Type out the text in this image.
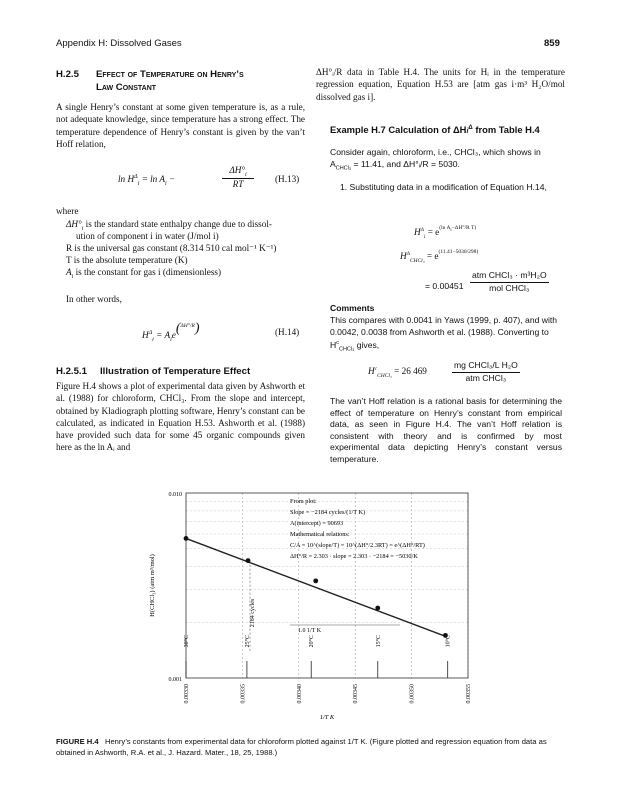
Appendix H: Dissolved Gases	859
H.2.5 Effect of Temperature on Henry’s
Law Constant
A single Henry’s constant at some given temperature is, as a rule, not adequate knowledge, since temperature has a strong effect. The temperature dependence of Henry’s constant is given by the van’t Hoff relation,
$\ln H^\Delta_i = \ln A_i$ −
$\Delta H^\circ_i$
RT	(H.13)
where
$\Delta H^\circ_i$ is the standard state enthalpy change due to dissol-
ution of component i in water (J/mol i)
R is the universal gas constant (8.314 510 cal mol⁻¹ K⁻¹)
T is the absolute temperature (K)
$A_i$ is the constant for gas i (dimensionless)
In other words,
$H^\Delta_i = A_ie(^{\Delta H^\circ/R})$	(H.14)
H.2.5.1 Illustration of Temperature Effect
Figure H.4 shows a plot of experimental data given by Ashworth et al. (1988) for chloroform, CHCl₃. From the slope and intercept, obtained by Kladiograph plotting software, Henry’s constant can be calculated, as indicated in Equation H.53. Ashworth et al. (1988) have provided such data for some 45 organic compounds given here as the ln Aᵢ and
ΔH°ᵢ/R data in Table H.4. The units for Hᵢ in the temperature regression equation, Equation H.53 are [atm gas i·m³ H₂O/mol dissolved gas i].
Example H.7 Calculation of ΔHi$^\Delta$ from Table H.4
Consider again, chloroform, i.e., CHCl₃, which shows in $A_{CHCl_3} = 11.41$, and ΔH°ᵢ/R = 5030.
1. Substituting data in a modification of Equation H.14,
$H^\Delta_i = e^{(ln A_i-\Delta H^\circ/R T)}$
$H^\Delta_{CHCl_3} = e^{(11.41-5030/298)}$
= 0.00451
atm CHCl₃ · m³H₂O
mol CHCl₃
Comments
This compares with 0.0041 in Yaws (1999, p. 407), and with 0.0042, 0.0038 from Ashworth et al. (1988). Converting to $H^c_{CHCl_3}$ gives,
$H^c_{CHCl_3} = 26$ 469
mg CHCl₃/L H₂O
atm CHCl₃
The van’t Hoff relation is a rational basis for determining the effect of temperature on Henry’s constant from empirical data, as seen in Figure H.4. The van’t Hoff relation is consistent with theory and is confirmed by most experimental data depicting Henry’s constant versus temperature.
0.010
0.001
0.00330	0.00335	0.00340	0.00345	0.00350	0.00355
1/T K
H(CHCl₃) (atm m³/mol)
30°C	25°C	20°C	15°C	10°C
2184 cycles
1.0 1/T K
From plot:
Slope = −2184 cycles/(1/T K)
A(intercept) = 90693
Mathematical relations:
C/A = 10^(slope/T) = 10^(ΔH°/2.3RT) = e^(ΔH°/RT)
ΔH°/R = 2.303 · slope = 2.303 · −2184 = −5030/K
FIGURE H.4 Henry’s constants from experimental data for chloroform plotted against 1/T K. (Figure plotted and regression equation from data as obtained in Ashworth, R.A. et al., J. Hazard. Mater., 18, 25, 1988.)
